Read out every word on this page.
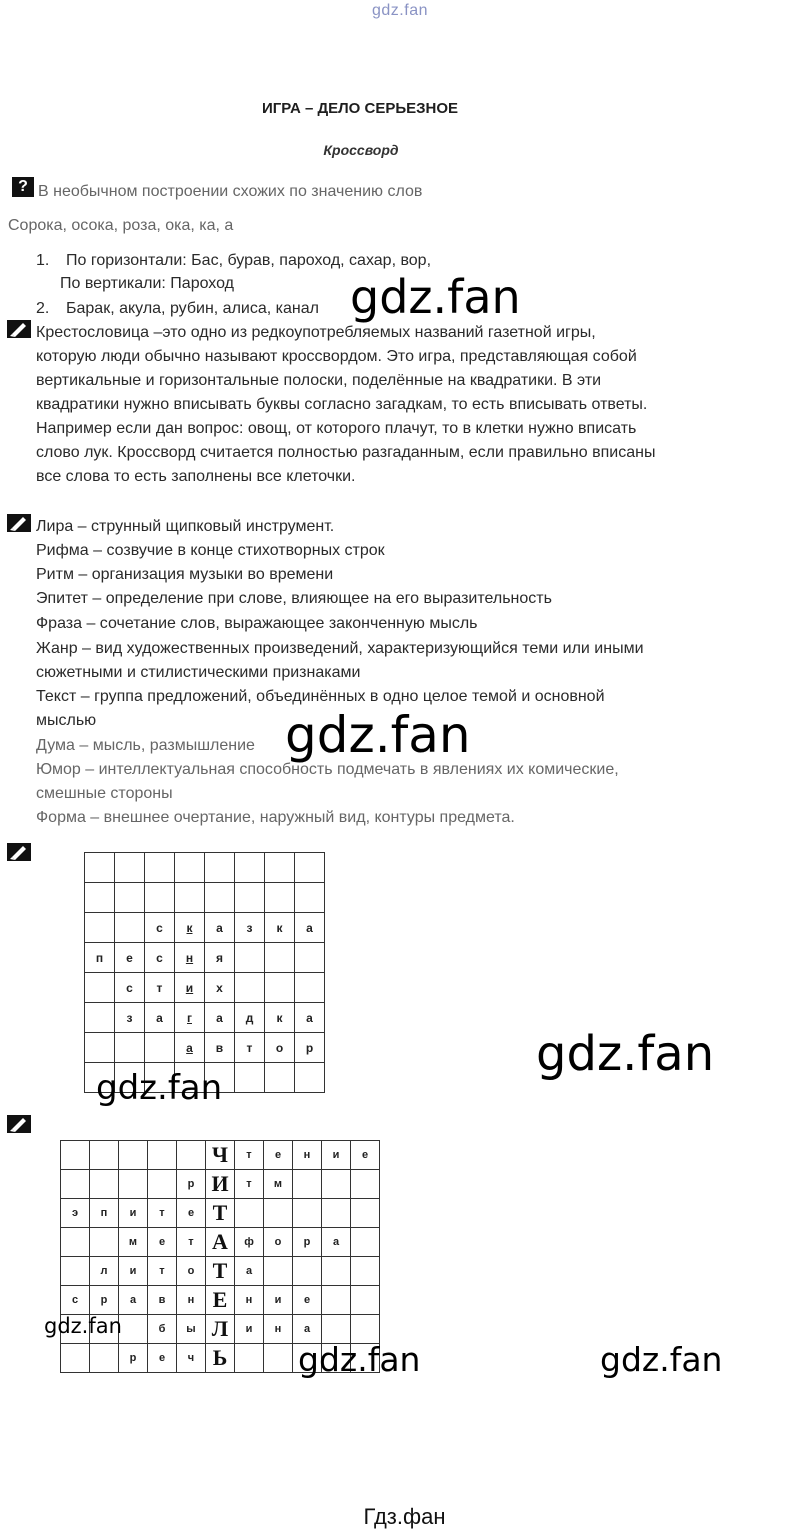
gdz.fan
ИГРА – ДЕЛО СЕРЬЕЗНОЕ
Кроссворд
? В необычном построении схожих по значению слов
Сорока, осока, роза, ока, ка, а
1. По горизонтали: Бас, бурав, пароход, сахар, вор,
По вертикали: Пароход
2. Барак, акула, рубин, алиса, канал gdz.fan
Крестословица –это одно из редкоупотребляемых названий газетной игры,
которую люди обычно называют кроссвордом. Это игра, представляющая собой
вертикальные и горизонтальные полоски, поделённые на квадратики. В эти
квадратики нужно вписывать буквы согласно загадкам, то есть вписывать ответы.
Например если дан вопрос: овощ, от которого плачут, то в клетки нужно вписать
слово лук. Кроссворд считается полностью разгаданным, если правильно вписаны
все слова то есть заполнены все клеточки.
Лира – струнный щипковый инструмент.
Рифма – созвучие в конце стихотворных строк
Ритм – организация музыки во времени
Эпитет – определение при слове, влияющее на его выразительность
Фраза – сочетание слов, выражающее законченную мысль
Жанр – вид художественных произведений, характеризующийся теми или иными
сюжетными и стилистическими признаками
Текст – группа предложений, объединённых в одно целое темой и основной
мыслью
Дума – мысль, размышление
Юмор – интеллектуальная способность подмечать в явлениях их комические,
смешные стороны
Форма – внешнее очертание, наружный вид, контуры предмета.
gdz.fan

		с	к	а	з	к	а
п	е	с	н	я			
	с	т	и	х			
	з	а	г	а	д	к	а
			а	в	т	о	р

gdz.fan
gdz.fan
					Ч	т	е	н	и	е
				р	И	т	м			
э	п	и	т	е	Т					
		м	е	т	А	ф	о	р	а	
	л	и	т	о	Т	а				
с	р	а	в	н	Е	н	и	е		
			б	ы	Л	и	н	а		
		р	е	ч	Ь					
gdz.fan
gdz.fan	gdz.fan
Гдз.фан
